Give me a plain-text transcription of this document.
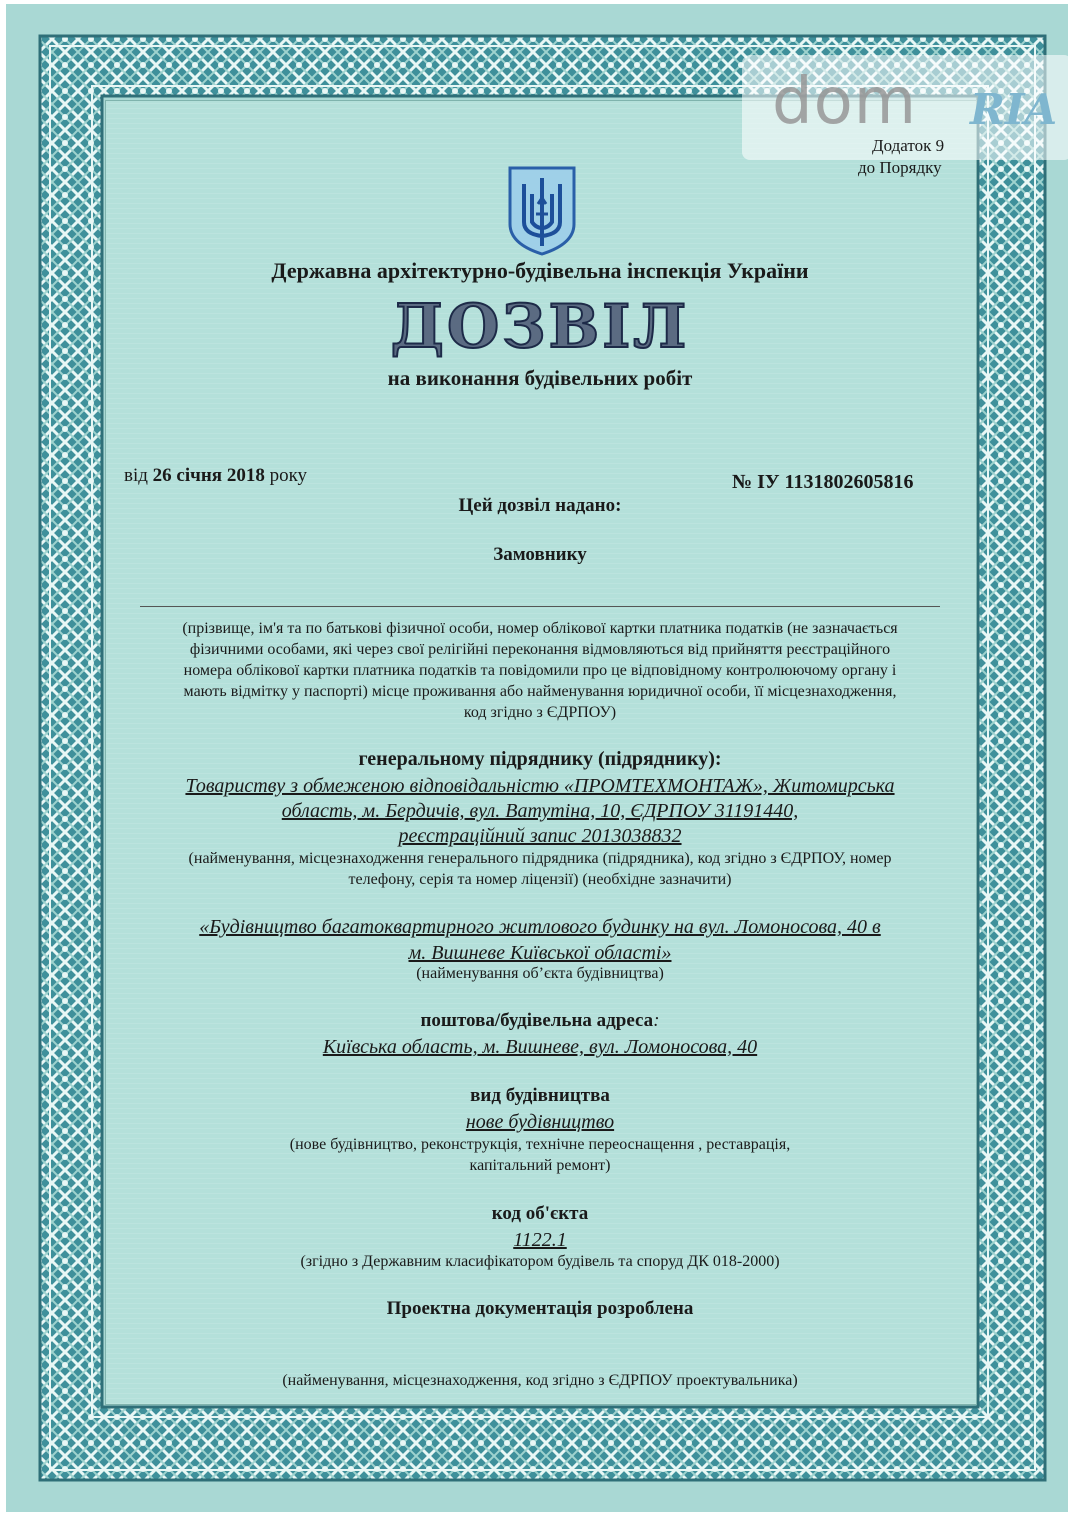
dom RIA
Додаток 9
до Порядку
Державна архітектурно-будівельна інспекція України
ДОЗВІЛ
на виконання будівельних робіт
від 26 січня 2018 року	№ ІУ 1131802605816
Цей дозвіл надано:
Замовнику
(прізвище, ім'я та по батькові фізичної особи, номер облікової картки платника податків (не зазначається
фізичними особами, які через свої релігійні переконання відмовляються від прийняття реєстраційного
номера облікової картки платника податків та повідомили про це відповідному контролюючому органу і
мають відмітку у паспорті) місце проживання або найменування юридичної особи, її місцезнаходження,
код згідно з ЄДРПОУ)
генеральному підряднику (підряднику):
Товариству з обмеженою відповідальністю «ПРОМТЕХМОНТАЖ», Житомирська
область, м. Бердичів, вул. Ватутіна, 10, ЄДРПОУ 31191440,
реєстраційний запис 2013038832
(найменування, місцезнаходження генерального підрядника (підрядника), код згідно з ЄДРПОУ, номер
телефону, серія та номер ліцензії) (необхідне зазначити)
«Будівництво багатоквартирного житлового будинку на вул. Ломоносова, 40 в
м. Вишневе Київської області»
(найменування об’єкта будівництва)
поштова/будівельна адреса:
Київська область, м. Вишневе, вул. Ломоносова, 40
вид будівництва
нове будівництво
(нове будівництво, реконструкція, технічне переоснащення , реставрація,
капітальний ремонт)
код об'єкта
1122.1
(згідно з Державним класифікатором будівель та споруд ДК 018-2000)
Проектна документація розроблена
(найменування, місцезнаходження, код згідно з ЄДРПОУ проектувальника)
